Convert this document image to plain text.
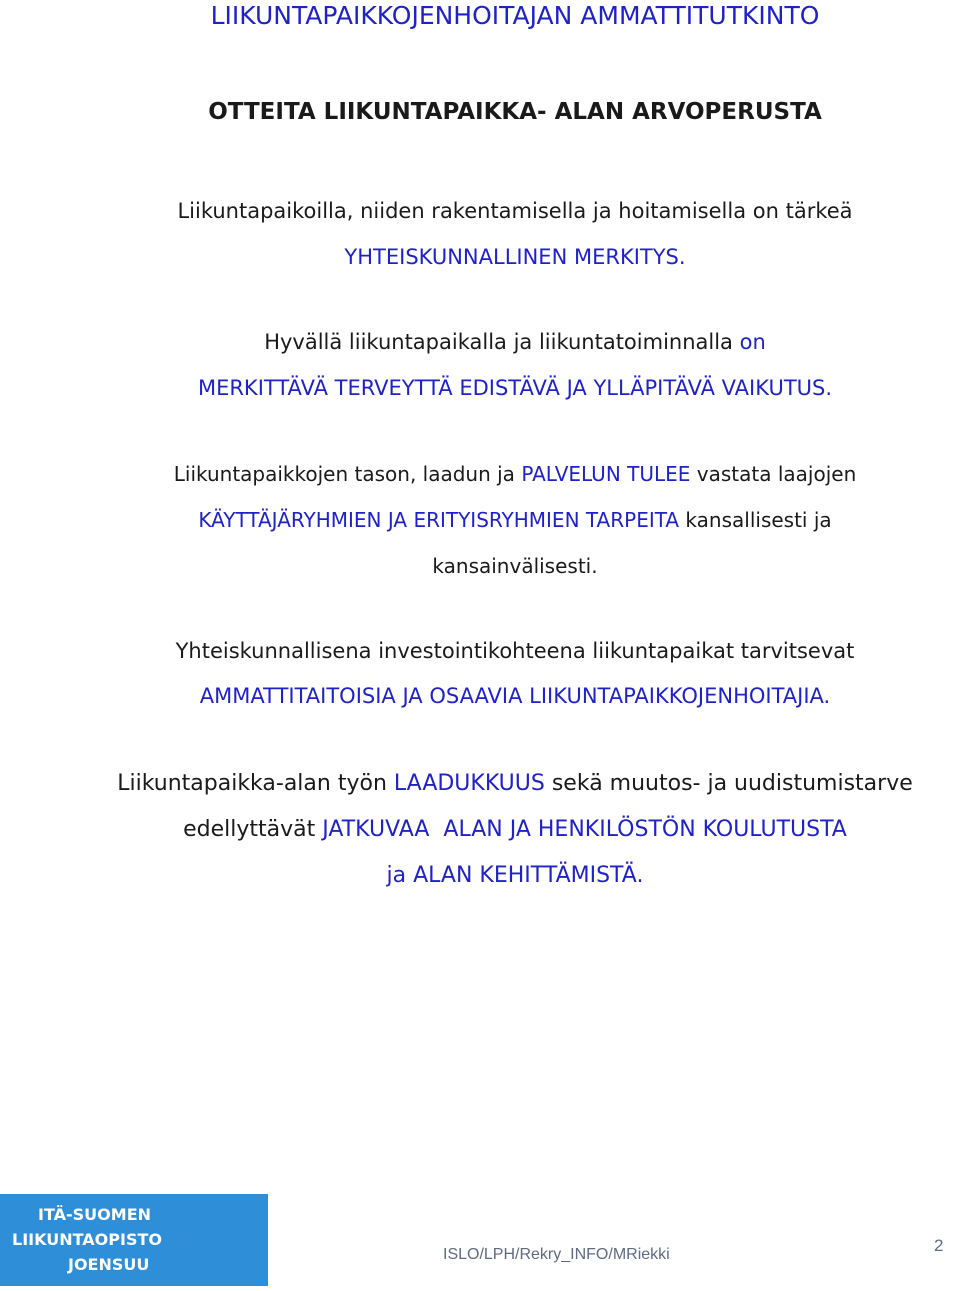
LIIKUNTAPAIKKOJENHOITAJAN AMMATTITUTKINTO
OTTEITA LIIKUNTAPAIKKA- ALAN ARVOPERUSTA
Liikuntapaikoilla, niiden rakentamisella ja hoitamisella on tärkeä
YHTEISKUNNALLINEN MERKITYS.
Hyvällä liikuntapaikalla ja liikuntatoiminnalla on
MERKITTÄVÄ TERVEYTTÄ EDISTÄVÄ JA YLLÄPITÄVÄ VAIKUTUS.
Liikuntapaikkojen tason, laadun ja PALVELUN TULEE vastata laajojen
KÄYTTÄJÄRYHMIEN JA ERITYISRYHMIEN TARPEITA kansallisesti ja
kansainvälisesti.
Yhteiskunnallisena investointikohteena liikuntapaikat tarvitsevat
AMMATTITAITOISIA JA OSAAVIA LIIKUNTAPAIKKOJENHOITAJIA.
Liikuntapaikka-alan työn LAADUKKUUS sekä muutos- ja uudistumistarve
edellyttävät JATKUVAA  ALAN JA HENKILÖSTÖN KOULUTUSTA
ja ALAN KEHITTÄMISTÄ.
ITÄ-SUOMEN
LIIKUNTAOPISTO
JOENSUU
ISLO/LPH/Rekry_INFO/MRiekki	2
